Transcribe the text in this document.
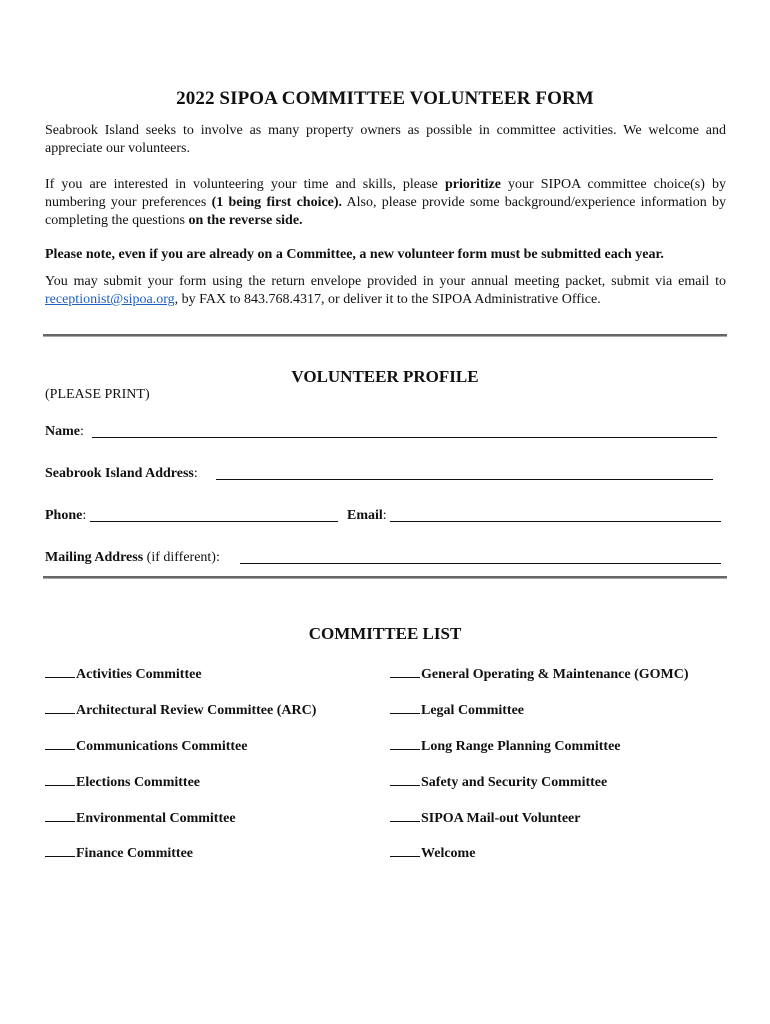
2022 SIPOA COMMITTEE VOLUNTEER FORM

Seabrook Island seeks to involve as many property owners as possible in committee activities. We welcome and appreciate our volunteers.

If you are interested in volunteering your time and skills, please prioritize your SIPOA committee choice(s) by numbering your preferences (1 being first choice). Also, please provide some background/experience information by completing the questions on the reverse side.

Please note, even if you are already on a Committee, a new volunteer form must be submitted each year.

You may submit your form using the return envelope provided in your annual meeting packet, submit via email to receptionist@sipoa.org, by FAX to 843.768.4317, or deliver it to the SIPOA Administrative Office.

VOLUNTEER PROFILE
(PLEASE PRINT)
Name:
Seabrook Island Address:
Phone:	Email:
Mailing Address (if different):
COMMITTEE LIST
Activities Committee
Architectural Review Committee (ARC)
Communications Committee
Elections Committee
Environmental Committee
Finance Committee
General Operating & Maintenance (GOMC)
Legal Committee
Long Range Planning Committee
Safety and Security Committee
SIPOA Mail-out Volunteer
Welcome
